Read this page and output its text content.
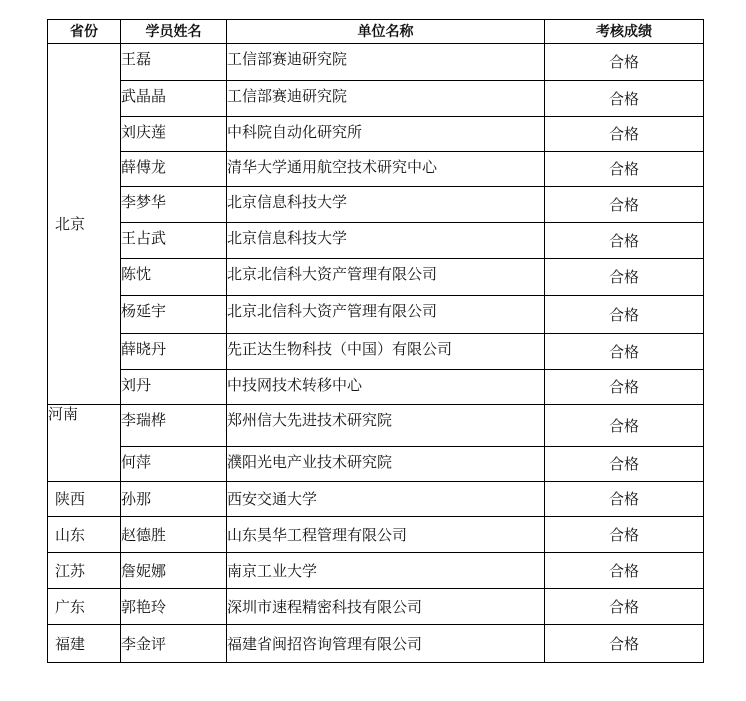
省份	学员姓名	单位名称	考核成绩
北京	王磊	工信部赛迪研究院	合格

	武晶晶	工信部赛迪研究院	合格

	刘庆莲	中科院自动化研究所	合格

	薛傅龙	清华大学通用航空技术研究中心	合格

	李梦华	北京信息科技大学	合格

	王占武	北京信息科技大学	合格

	陈忱	北京北信科大资产管理有限公司	合格

	杨延宇	北京北信科大资产管理有限公司	合格

	薛晓丹	先正达生物科技（中国）有限公司	合格

	刘丹	中技网技术转移中心	合格
河南	李瑞桦	郑州信大先进技术研究院	合格

	何萍	濮阳光电产业技术研究院	合格
陕西	孙那	西安交通大学	合格
山东	赵德胜	山东昊华工程管理有限公司	合格
江苏	詹妮娜	南京工业大学	合格
广东	郭艳玲	深圳市速程精密科技有限公司	合格
福建	李金评	福建省闽招咨询管理有限公司	合格
